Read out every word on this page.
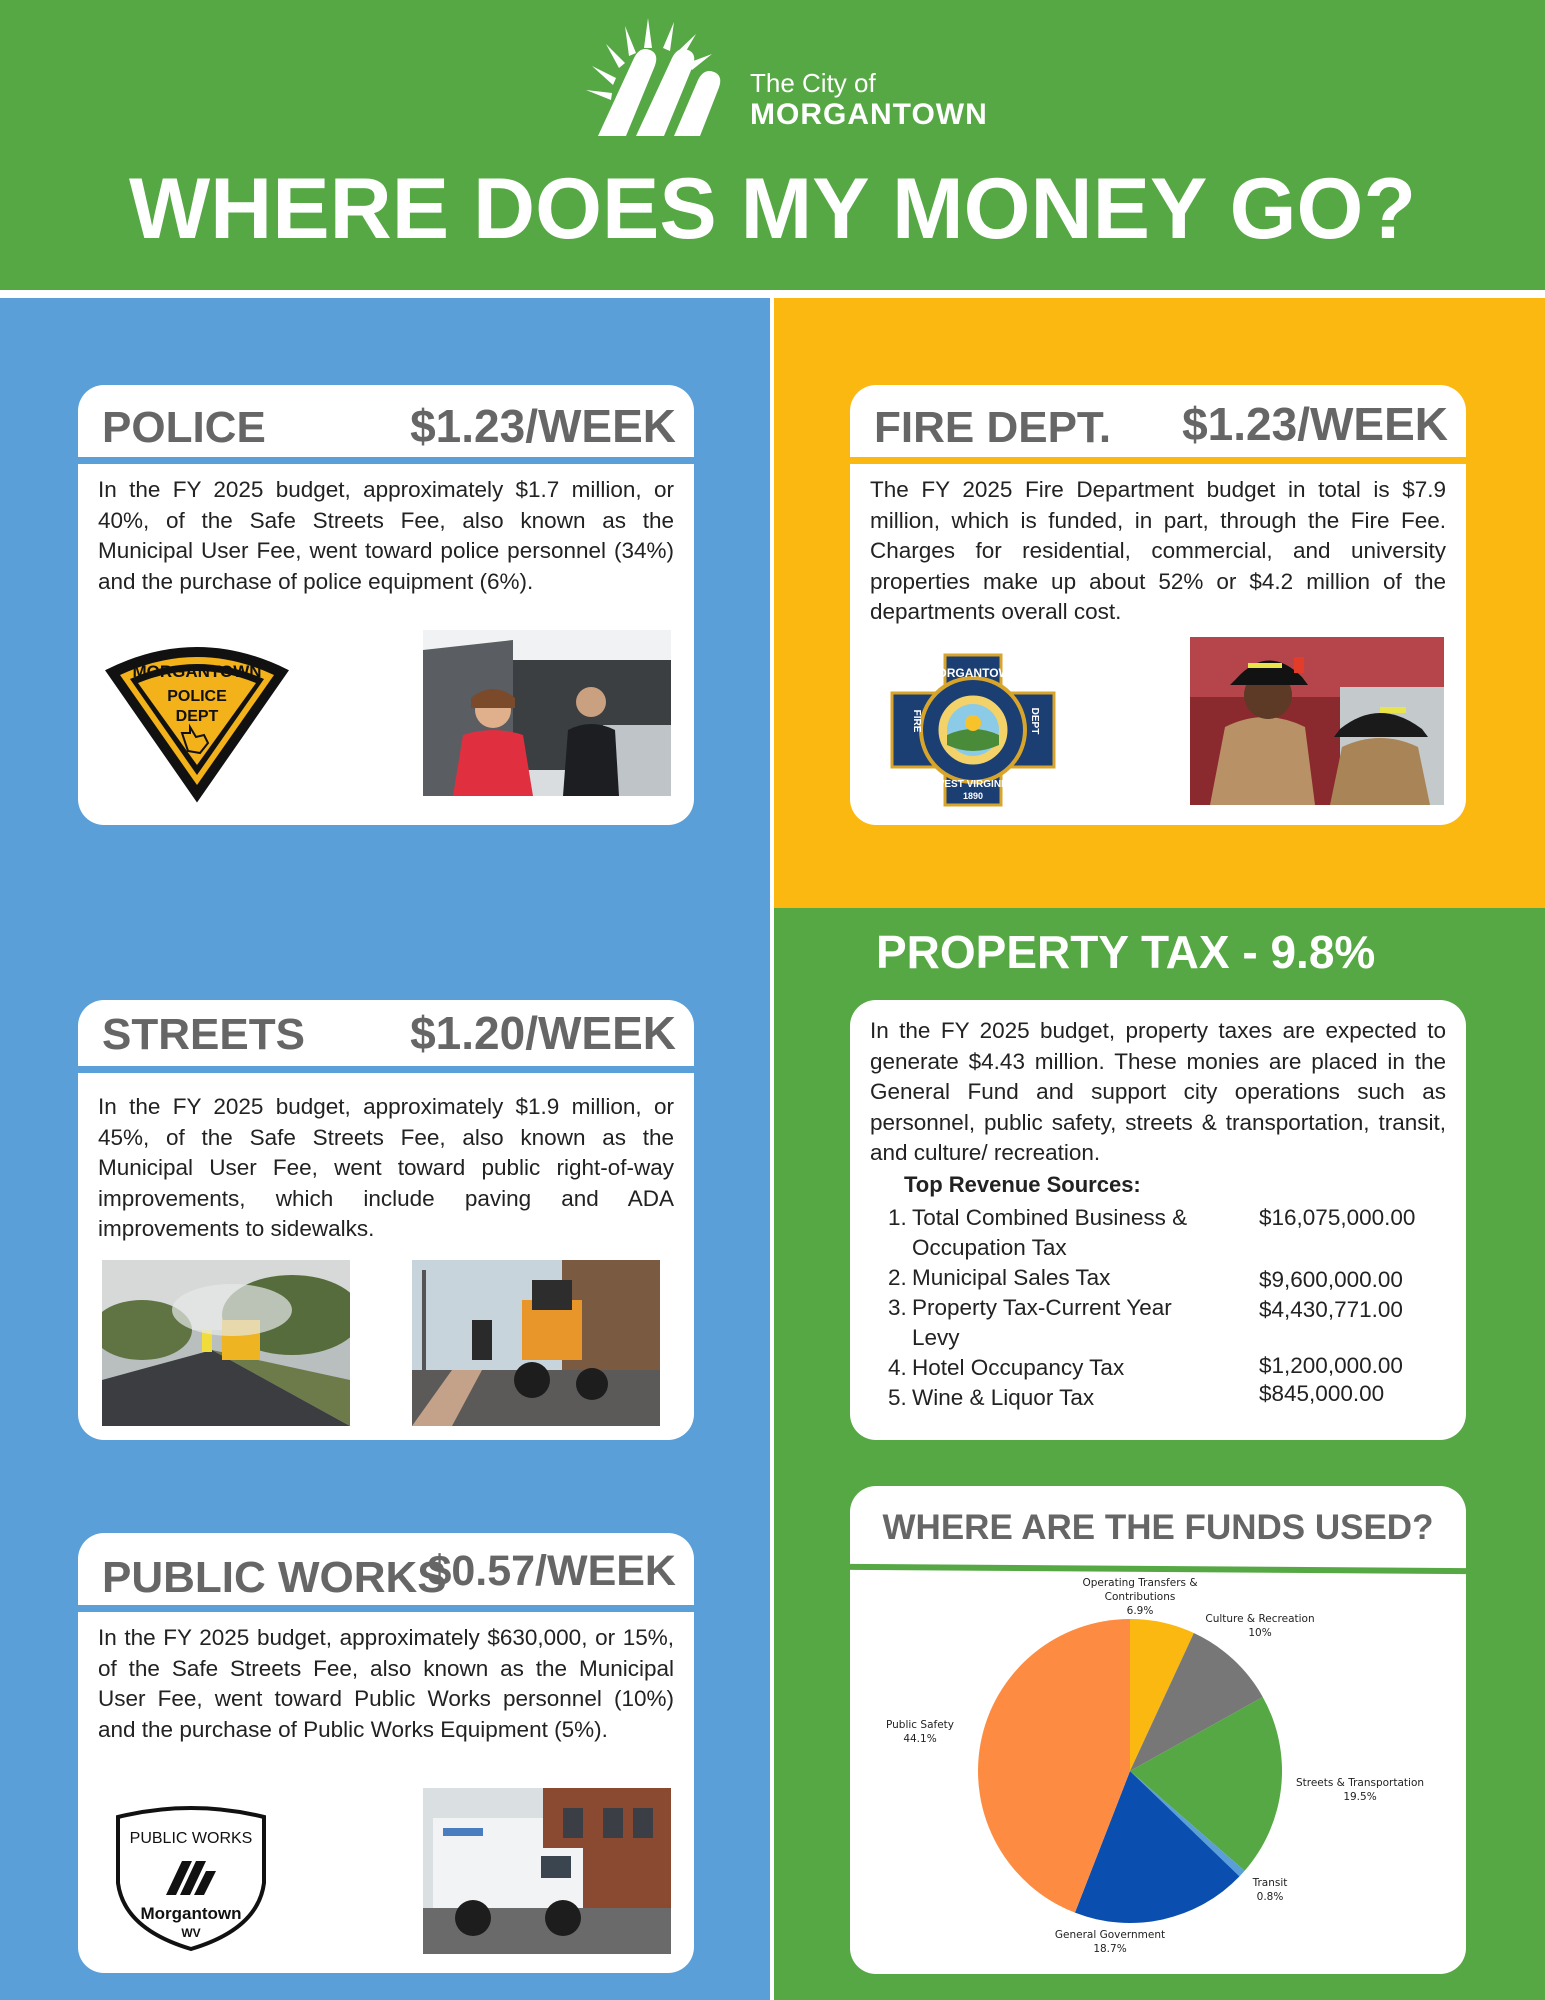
The City of
MORGANTOWN
WHERE DOES MY MONEY GO?
POLICE	$1.23/WEEK
In the FY 2025 budget, approximately $1.7 million, or 40%, of the Safe Streets Fee, also known as the Municipal User Fee, went toward police personnel (34%) and the purchase of police equipment (6%).
MORGANTOWN
POLICE
DEPT
FIRE DEPT. $1.23/WEEK
The FY 2025 Fire Department budget in total is $7.9 million, which is funded, in part, through the Fire Fee. Charges for residential, commercial, and university properties make up about 52% or $4.2 million of the departments overall cost.
MORGANTOWN
FIRE	DEPT
WEST VIRGINIA
1890
STREETS $1.20/WEEK
In the FY 2025 budget, approximately $1.9 million, or 45%, of the Safe Streets Fee, also known as the Municipal User Fee, went toward public right-of-way improvements, which include paving and ADA improvements to sidewalks.
PUBLIC WORKS
$0.57/WEEK
In the FY 2025 budget, approximately $630,000, or 15%, of the Safe Streets Fee, also known as the Municipal User Fee, went toward Public Works personnel (10%) and the purchase of Public Works Equipment (5%).
PUBLIC WORKS
Morgantown
WV
PROPERTY TAX - 9.8%
In the FY 2025 budget, property taxes are expected to generate $4.43 million. These monies are placed in the General Fund and support city operations such as personnel, public safety, streets & transportation, transit, and culture/ recreation.
Top Revenue Sources:
1. Total Combined Business & Occupation Tax
$16,075,000.00
2. Municipal Sales Tax	$9,600,000.00
3. Property Tax-Current Year Levy
$4,430,771.00
4. Hotel Occupancy Tax	$1,200,000.00
5. Wine & Liquor Tax	$845,000.00
WHERE ARE THE FUNDS USED?
Operating Transfers &
Contributions
6.9%
Culture & Recreation
10%
Streets & Transportation
19.5%
Transit
0.8%
General Government
18.7%
Public Safety
44.1%
